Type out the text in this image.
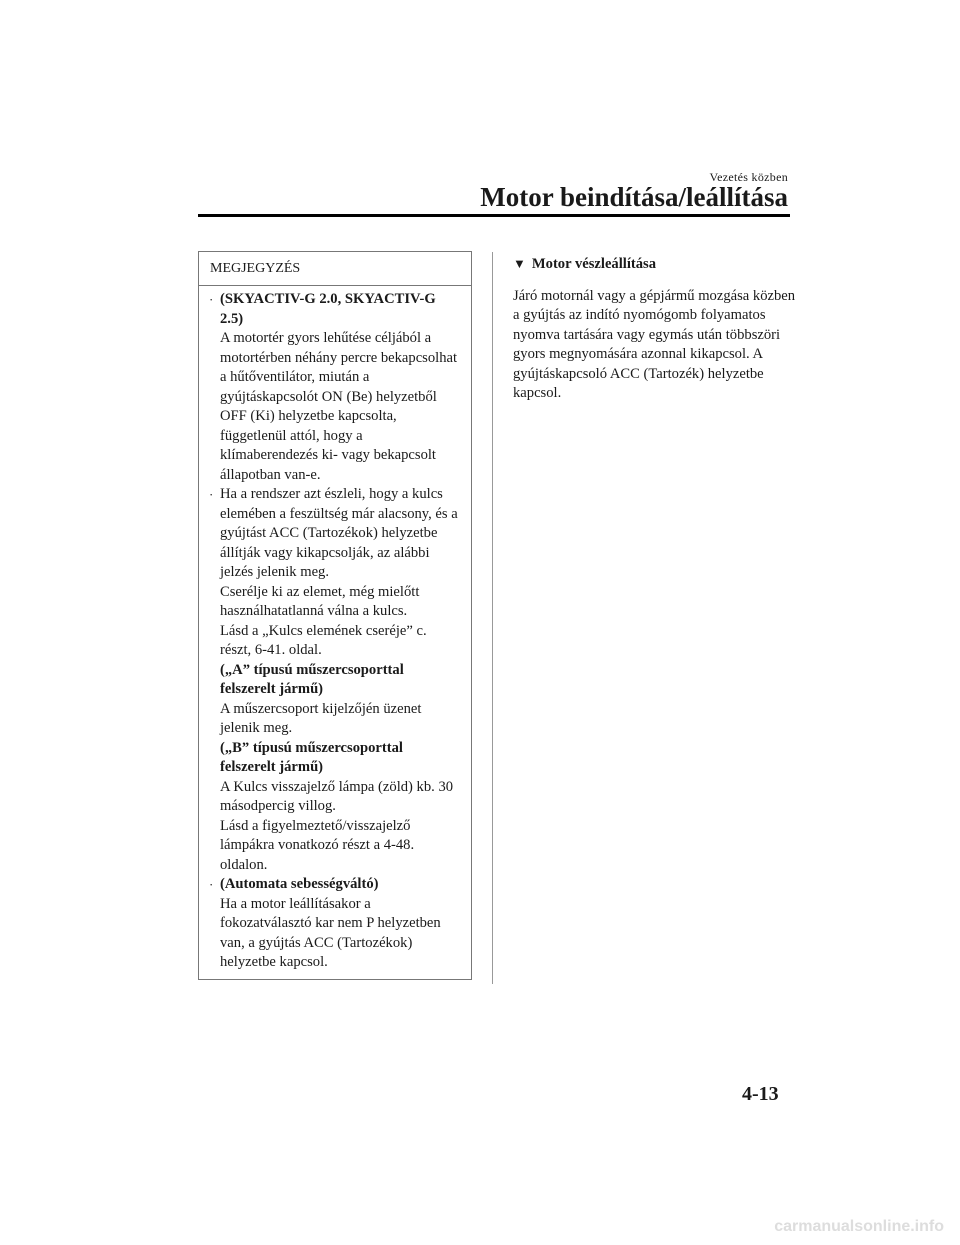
Vezetés közben
Motor beindítása/leállítása
MEGJEGYZÉS
· (SKYACTIV-G 2.0, SKYACTIV-G 2.5)

A motortér gyors lehűtése céljából a motortérben néhány percre bekapcsolhat a hűtőventilátor, miután a gyújtáskapcsolót ON (Be) helyzetből OFF (Ki) helyzetbe kapcsolta, függetlenül attól, hogy a klímaberendezés ki- vagy bekapcsolt állapotban van-e.

· Ha a rendszer azt észleli, hogy a kulcs elemében a feszültség már alacsony, és a gyújtást ACC (Tartozékok) helyzetbe állítják vagy kikapcsolják, az alábbi jelzés jelenik meg.

Cserélje ki az elemet, még mielőtt használhatatlanná válna a kulcs.

Lásd a „Kulcs elemének cseréje” c. részt, 6-41. oldal.

(„A” típusú műszercsoporttal felszerelt jármű)

A műszercsoport kijelzőjén üzenet jelenik meg.

(„B” típusú műszercsoporttal felszerelt jármű)

A Kulcs visszajelző lámpa (zöld) kb. 30 másodpercig villog.

Lásd a figyelmeztető/visszajelző lámpákra vonatkozó részt a 4-48. oldalon.

· (Automata sebességváltó)

Ha a motor leállításakor a fokozatválasztó kar nem P helyzetben van, a gyújtás ACC (Tartozékok) helyzetbe kapcsol.

▼ Motor vészleállítása

Járó motornál vagy a gépjármű mozgása közben a gyújtás az indító nyomógomb folyamatos nyomva tartására vagy egymás után többszöri gyors megnyomására azonnal kikapcsol. A gyújtáskapcsoló ACC (Tartozék) helyzetbe kapcsol.

4-13
carmanualsonline.info
